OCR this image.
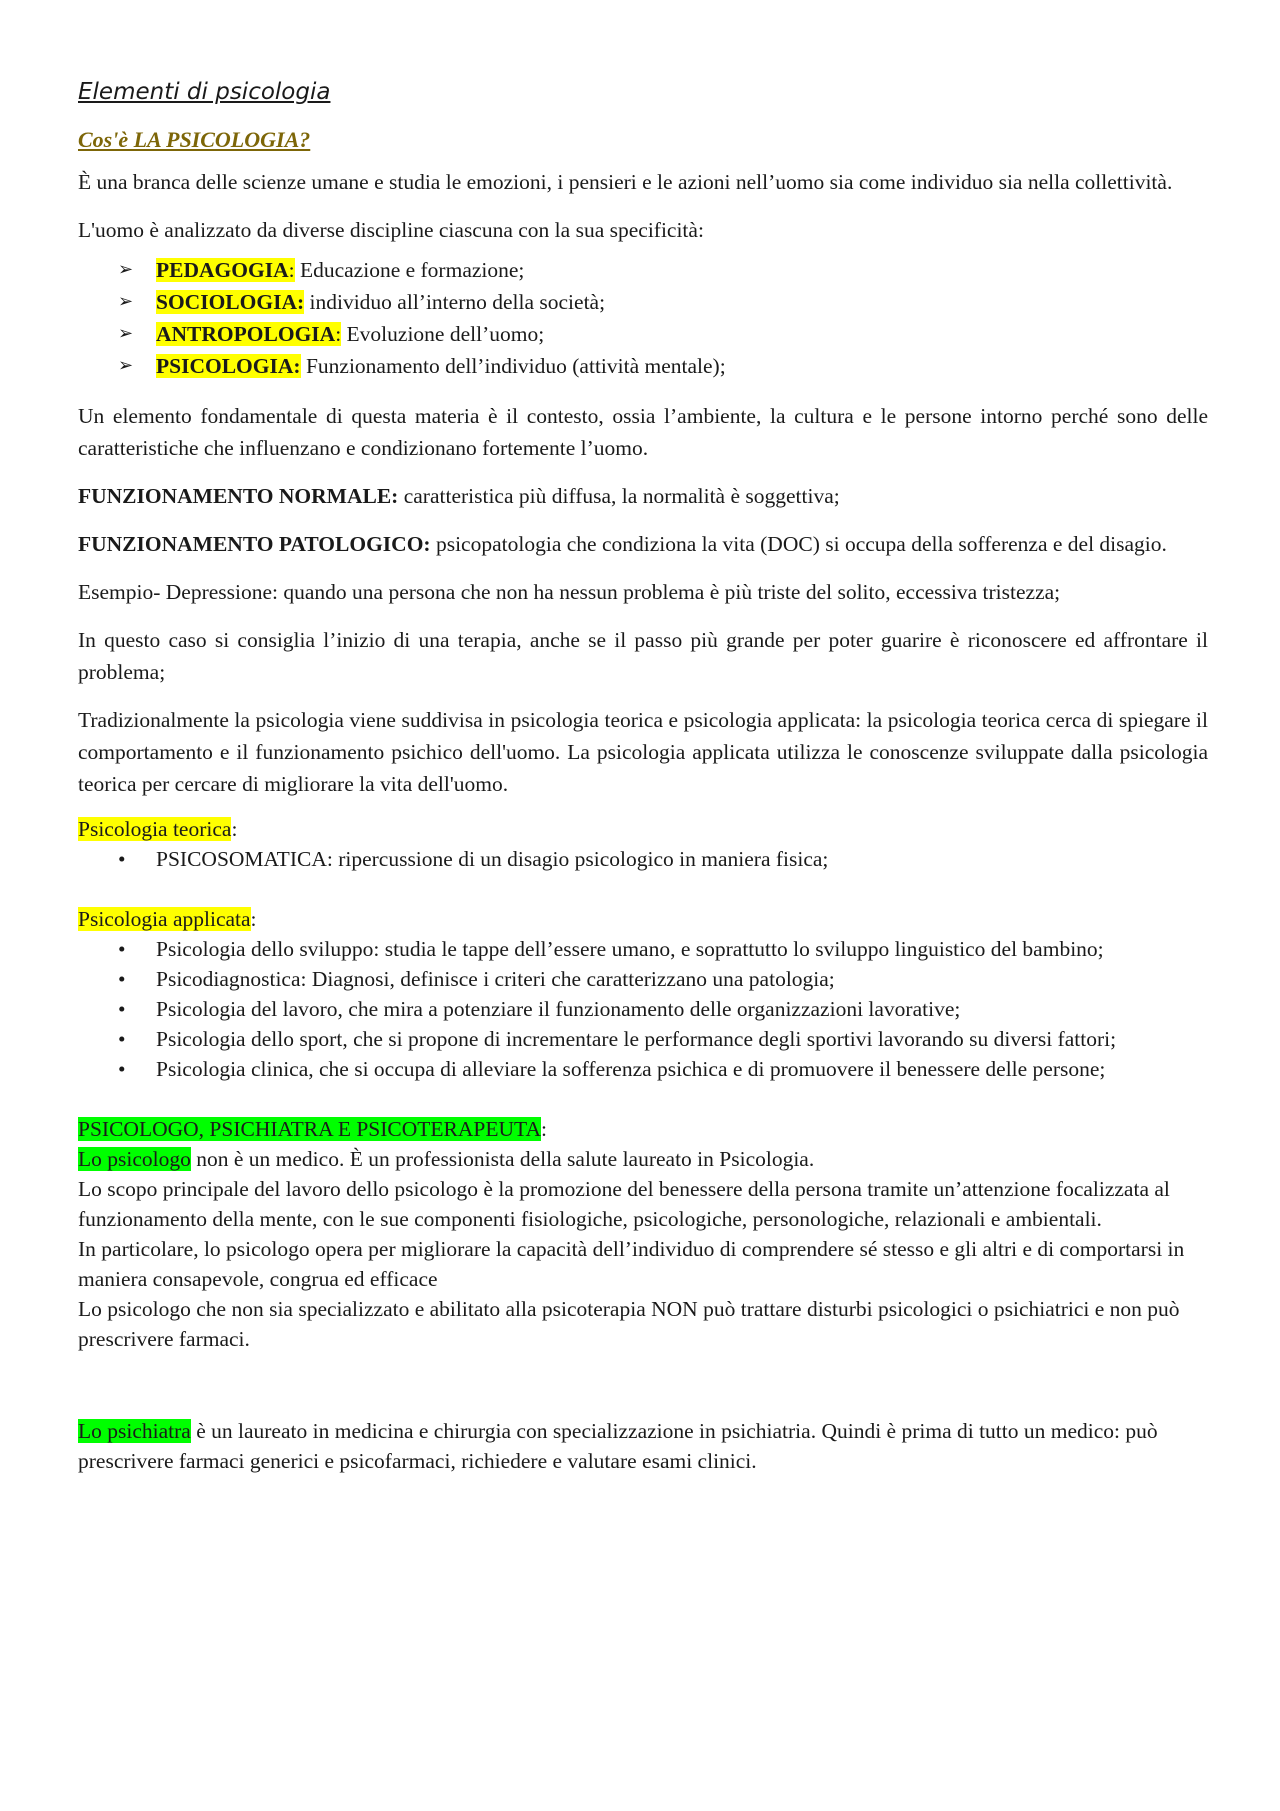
Elementi di psicologia
Cos'è LA PSICOLOGIA?

È una branca delle scienze umane e studia le emozioni, i pensieri e le azioni nell’uomo sia come individuo sia nella collettività.

L'uomo è analizzato da diverse discipline ciascuna con la sua specificità:

➢ PEDAGOGIA: Educazione e formazione;
➢ SOCIOLOGIA: individuo all’interno della società;
➢ ANTROPOLOGIA: Evoluzione dell’uomo;
➢ PSICOLOGIA: Funzionamento dell’individuo (attività mentale);

Un elemento fondamentale di questa materia è il contesto, ossia l’ambiente, la cultura e le persone intorno perché sono delle caratteristiche che influenzano e condizionano fortemente l’uomo.

FUNZIONAMENTO NORMALE: caratteristica più diffusa, la normalità è soggettiva;

FUNZIONAMENTO PATOLOGICO: psicopatologia che condiziona la vita (DOC) si occupa della sofferenza e del disagio.

Esempio- Depressione: quando una persona che non ha nessun problema è più triste del solito, eccessiva tristezza;

In questo caso si consiglia l’inizio di una terapia, anche se il passo più grande per poter guarire è riconoscere ed affrontare il problema;

Tradizionalmente la psicologia viene suddivisa in psicologia teorica e psicologia applicata: la psicologia teorica cerca di spiegare il comportamento e il funzionamento psichico dell'uomo. La psicologia applicata utilizza le conoscenze sviluppate dalla psicologia teorica per cercare di migliorare la vita dell'uomo.

Psicologia teorica:
• PSICOSOMATICA: ripercussione di un disagio psicologico in maniera fisica;
Psicologia applicata:
• Psicologia dello sviluppo: studia le tappe dell’essere umano, e soprattutto lo sviluppo linguistico del bambino;
• Psicodiagnostica: Diagnosi, definisce i criteri che caratterizzano una patologia;
• Psicologia del lavoro, che mira a potenziare il funzionamento delle organizzazioni lavorative;
• Psicologia dello sport, che si propone di incrementare le performance degli sportivi lavorando su diversi fattori;
• Psicologia clinica, che si occupa di alleviare la sofferenza psichica e di promuovere il benessere delle persone;
PSICOLOGO, PSICHIATRA E PSICOTERAPEUTA:
Lo psicologo non è un medico. È un professionista della salute laureato in Psicologia.
Lo scopo principale del lavoro dello psicologo è la promozione del benessere della persona tramite un’attenzione focalizzata al funzionamento della mente, con le sue componenti fisiologiche, psicologiche, personologiche, relazionali e ambientali.
In particolare, lo psicologo opera per migliorare la capacità dell’individuo di comprendere sé stesso e gli altri e di comportarsi in maniera consapevole, congrua ed efficace
Lo psicologo che non sia specializzato e abilitato alla psicoterapia NON può trattare disturbi psicologici o psichiatrici e non può prescrivere farmaci.
Lo psichiatra è un laureato in medicina e chirurgia con specializzazione in psichiatria. Quindi è prima di tutto un medico: può prescrivere farmaci generici e psicofarmaci, richiedere e valutare esami clinici.
